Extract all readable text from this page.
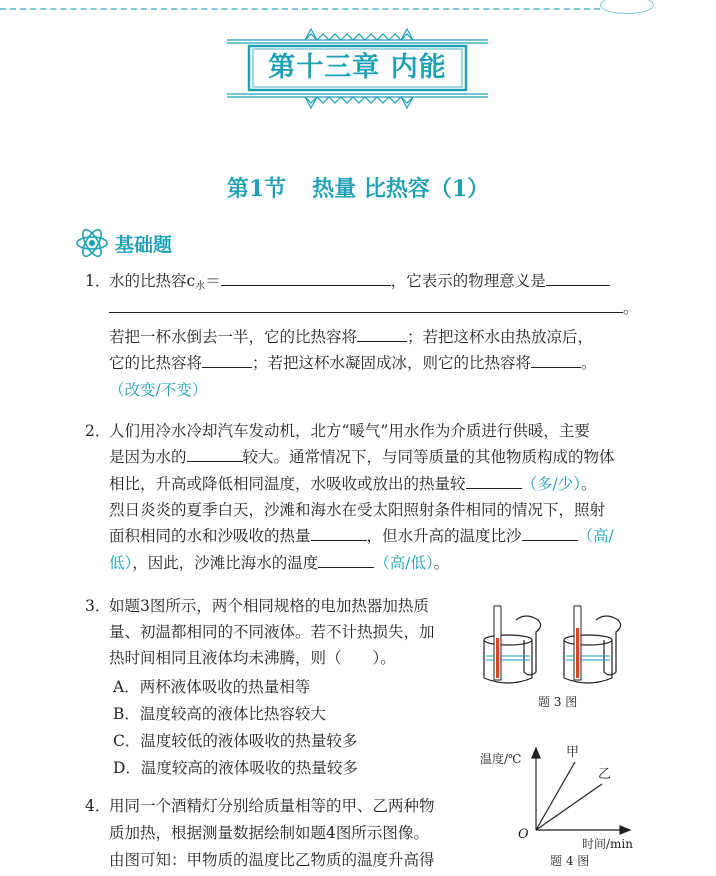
第十三章 内能
第1节 热量 比热容（1）
基础题
1．
水的比热容$c_水=$	，它表示的物理意义是
。
若把一杯水倒去一半，它的比热容将	；若把这杯水由热放凉后，
它的比热容将	；若把这杯水凝固成冰，则它的比热容将	。
（改变/不变）
2．
人们用冷水冷却汽车发动机，北方“暖气”用水作为介质进行供暖，主要
是因为水的	较大。通常情况下，与同等质量的其他物质构成的物体
相比，升高或降低相同温度，水吸收或放出的热量较	（多/少）。
烈日炎炎的夏季白天，沙滩和海水在受太阳照射条件相同的情况下，照射
面积相同的水和沙吸收的热量	，但水升高的温度比沙	（高/
低），因此，沙滩比海水的温度	（高/低）。
3．
如题3图所示，两个相同规格的电加热器加热质
量、初温都相同的不同液体。若不计热损失，加
热时间相同且液体均未沸腾，则（　　）。
A．两杯液体吸收的热量相等
B．温度较高的液体比热容较大
C．温度较低的液体吸收的热量较多
D．温度较高的液体吸收的热量较多
题 3 图
4．
用同一个酒精灯分别给质量相等的甲、乙两种物
质加热，根据测量数据绘制如题4图所示图像。
由图可知：甲物质的温度比乙物质的温度升高得
温度/℃
O
甲
乙
时间/min
题 4 图
